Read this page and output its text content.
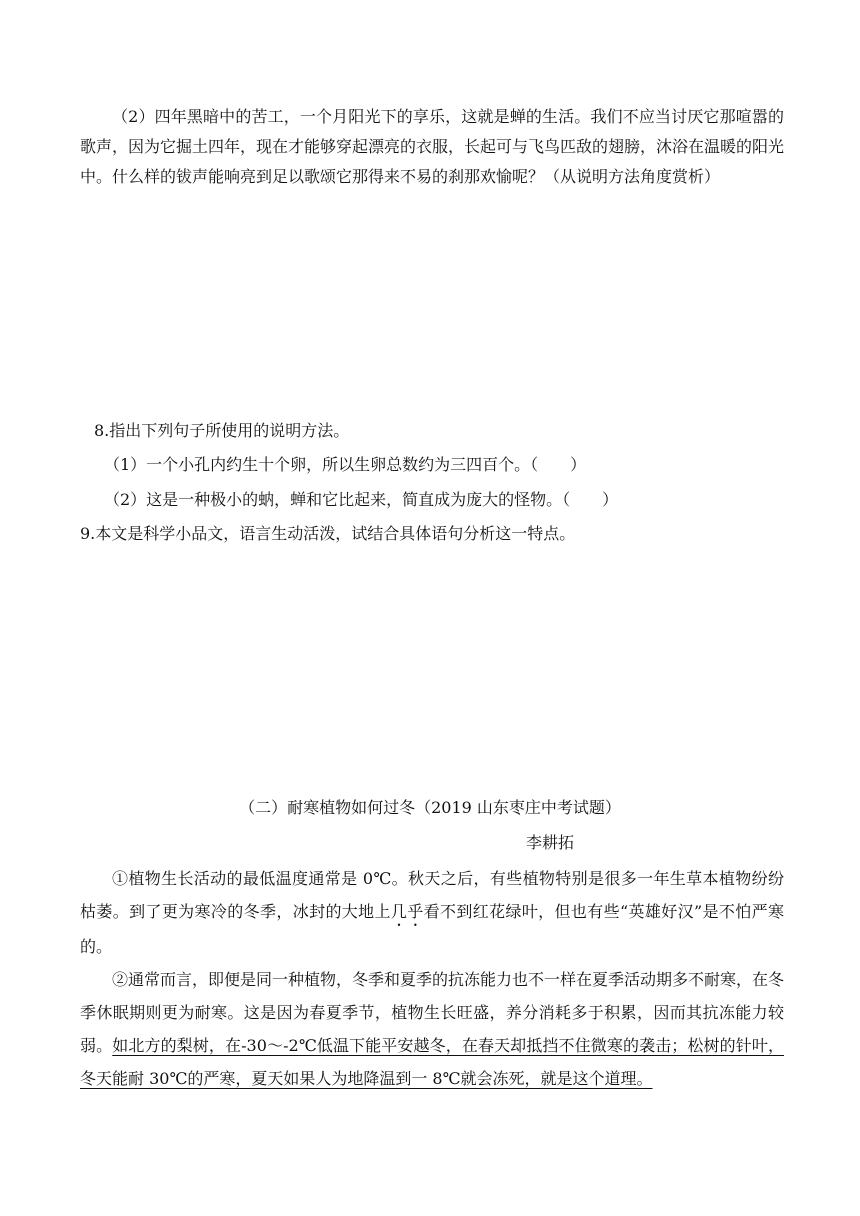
（2）四年黑暗中的苦工，一个月阳光下的享乐，这就是蝉的生活。我们不应当讨厌它那喧嚣的歌声，因为它掘土四年，现在才能够穿起漂亮的衣服，长起可与飞鸟匹敌的翅膀，沐浴在温暖的阳光中。什么样的钹声能响亮到足以歌颂它那得来不易的刹那欢愉呢？（从说明方法角度赏析）

8.指出下列句子所使用的说明方法。

（1）一个小孔内约生十个卵，所以生卵总数约为三四百个。（　　）

（2）这是一种极小的蚋，蝉和它比起来，简直成为庞大的怪物。（　　）

9.本文是科学小品文，语言生动活泼，试结合具体语句分析这一特点。

（二）耐寒植物如何过冬（2019 山东枣庄中考试题）

李耕拓

①植物生长活动的最低温度通常是 0℃。秋天之后，有些植物特别是很多一年生草本植物纷纷枯萎。到了更为寒冷的冬季，冰封的大地上几乎看不到红花绿叶，但也有些“英雄好汉”是不怕严寒的。

②通常而言，即便是同一种植物，冬季和夏季的抗冻能力也不一样在夏季活动期多不耐寒，在冬季休眠期则更为耐寒。这是因为春夏季节，植物生长旺盛，养分消耗多于积累，因而其抗冻能力较弱。如北方的梨树，在-30～-2℃低温下能平安越冬，在春天却抵挡不住微寒的袭击；松树的针叶，冬天能耐 30℃的严寒，夏天如果人为地降温到一 8℃就会冻死，就是这个道理。
